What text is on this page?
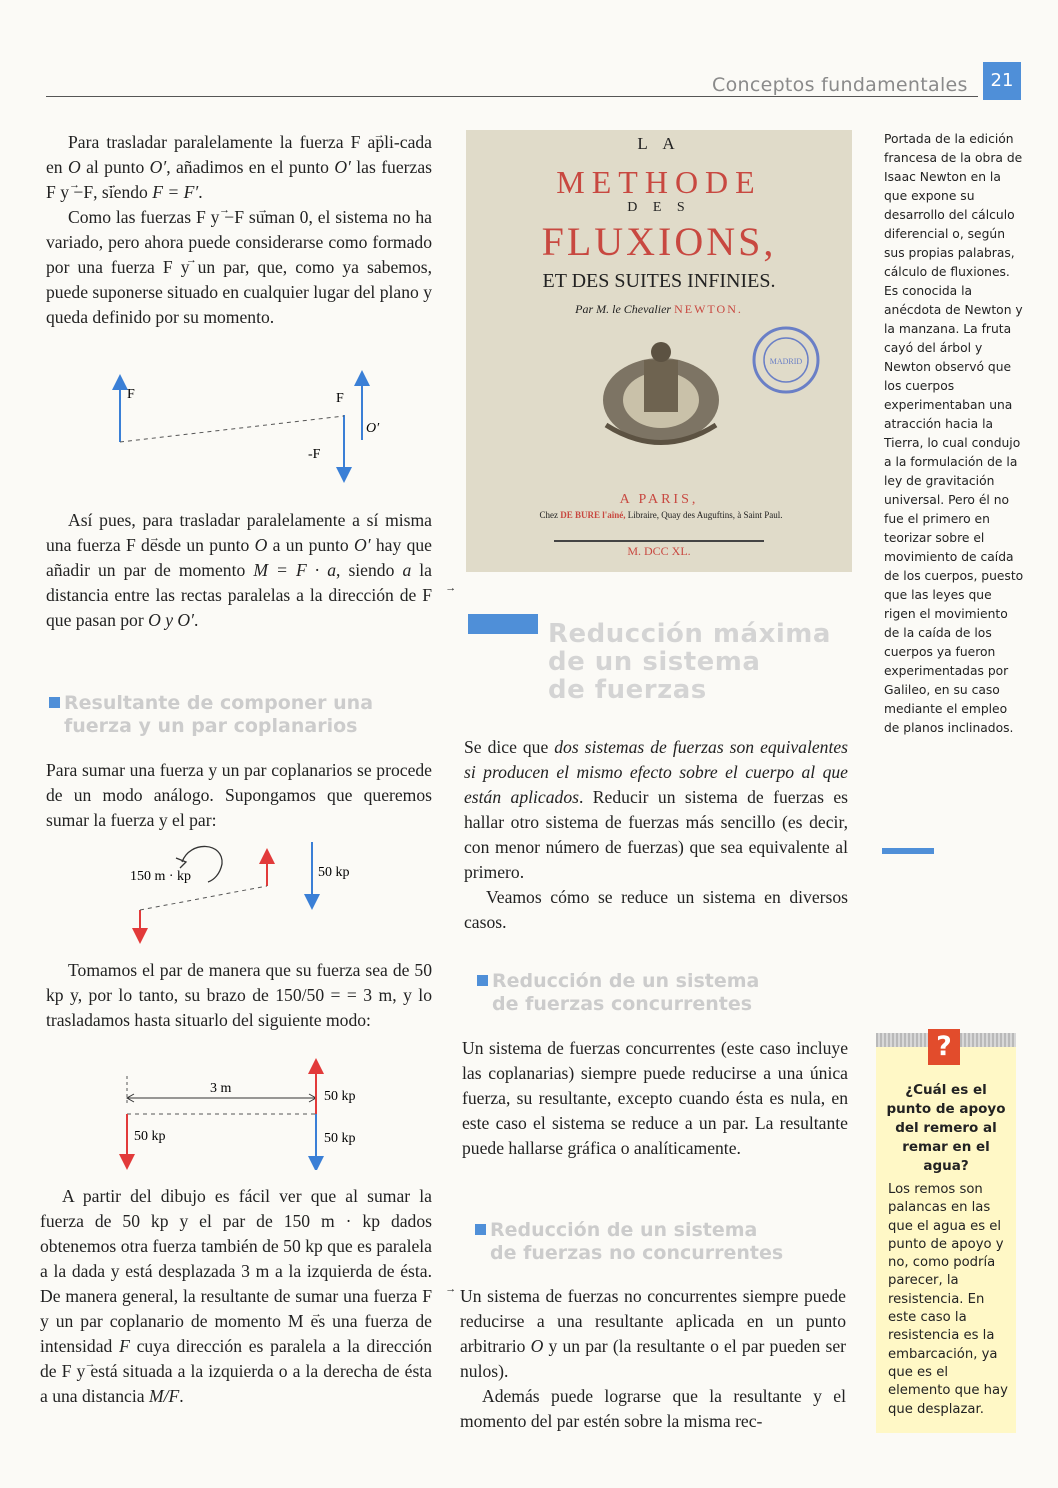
Conceptos fundamentales	21

Para trasladar paralelamente la fuerza F → apli-cada en O al punto O′, añadimos en el punto O′ las fuerzas F → y −F →, siendo F = F′.

Como las fuerzas F → y −F → suman 0, el sistema no ha variado, pero ahora puede considerarse como formado por una fuerza F → y un par, que, como ya sabemos, puede suponerse situado en cualquier lugar del plano y queda definido por su momento.

F	F
O′
-F

Así pues, para trasladar paralelamente a sí misma una fuerza F → desde un punto O a un punto O′ hay que añadir un par de momento M = F · a, siendo a la distancia entre las rectas paralelas a la dirección de F → que pasan por O y O′.

Resultante de componer una
fuerza y un par coplanarios

Para sumar una fuerza y un par coplanarios se procede de un modo análogo. Supongamos que queremos sumar la fuerza y el par:

150 m · kp	50 kp

Tomamos el par de manera que su fuerza sea de 50 kp y, por lo tanto, su brazo de 150/50 = = 3 m, y lo trasladamos hasta situarlo del siguiente modo:

3 m
50 kp
50 kp	50 kp

A partir del dibujo es fácil ver que al sumar la fuerza de 50 kp y el par de 150 m · kp dados obtenemos otra fuerza también de 50 kp que es paralela a la dada y está desplazada 3 m a la izquierda de ésta. De manera general, la resultante de sumar una fuerza F → y un par coplanario de momento M → es una fuerza de intensidad F cuya dirección es paralela a la dirección de F → y está situada a la izquierda o a la derecha de ésta a una distancia M/F.

L A
METHODE
D E S
FLUXIONS,
ET DES SUITES INFINIES.
Par M. le Chevalier NEWTON.
MADRID
A PARIS,
Chez DE BURE l'aîné, Libraire, Quay des Auguftins, à Saint Paul.
M. DCC XL.
Reducción máxima
de un sistema
de fuerzas

Se dice que dos sistemas de fuerzas son equivalentes si producen el mismo efecto sobre el cuerpo al que están aplicados. Reducir un sistema de fuerzas es hallar otro sistema de fuerzas más sencillo (es decir, con menor número de fuerzas) que sea equivalente al primero.

Veamos cómo se reduce un sistema en diversos casos.

Reducción de un sistema
de fuerzas concurrentes

Un sistema de fuerzas concurrentes (este caso incluye las coplanarias) siempre puede reducirse a una única fuerza, su resultante, excepto cuando ésta es nula, en este caso el sistema se reduce a un par. La resultante puede hallarse gráfica o analíticamente.

Reducción de un sistema
de fuerzas no concurrentes

Un sistema de fuerzas no concurrentes siempre puede reducirse a una resultante aplicada en un punto arbitrario O y un par (la resultante o el par pueden ser nulos).

Además puede lograrse que la resultante y el momento del par estén sobre la misma rec-

Portada de la edición francesa de la obra de Isaac Newton en la que expone su desarrollo del cálculo diferencial o, según sus propias palabras, cálculo de fluxiones. Es conocida la anécdota de Newton y la manzana. La fruta cayó del árbol y Newton observó que los cuerpos experimentaban una atracción hacia la Tierra, lo cual condujo a la formulación de la ley de gravitación universal. Pero él no fue el primero en teorizar sobre el movimiento de caída de los cuerpos, puesto que las leyes que rigen el movimiento de la caída de los cuerpos ya fueron experimentadas por Galileo, en su caso mediante el empleo de planos inclinados.
?
¿Cuál es el punto de apoyo del remero al remar en el agua?
Los remos son palancas en las que el agua es el punto de apoyo y no, como podría parecer, la resistencia. En este caso la resistencia es la embarcación, ya que es el elemento que hay que desplazar.
